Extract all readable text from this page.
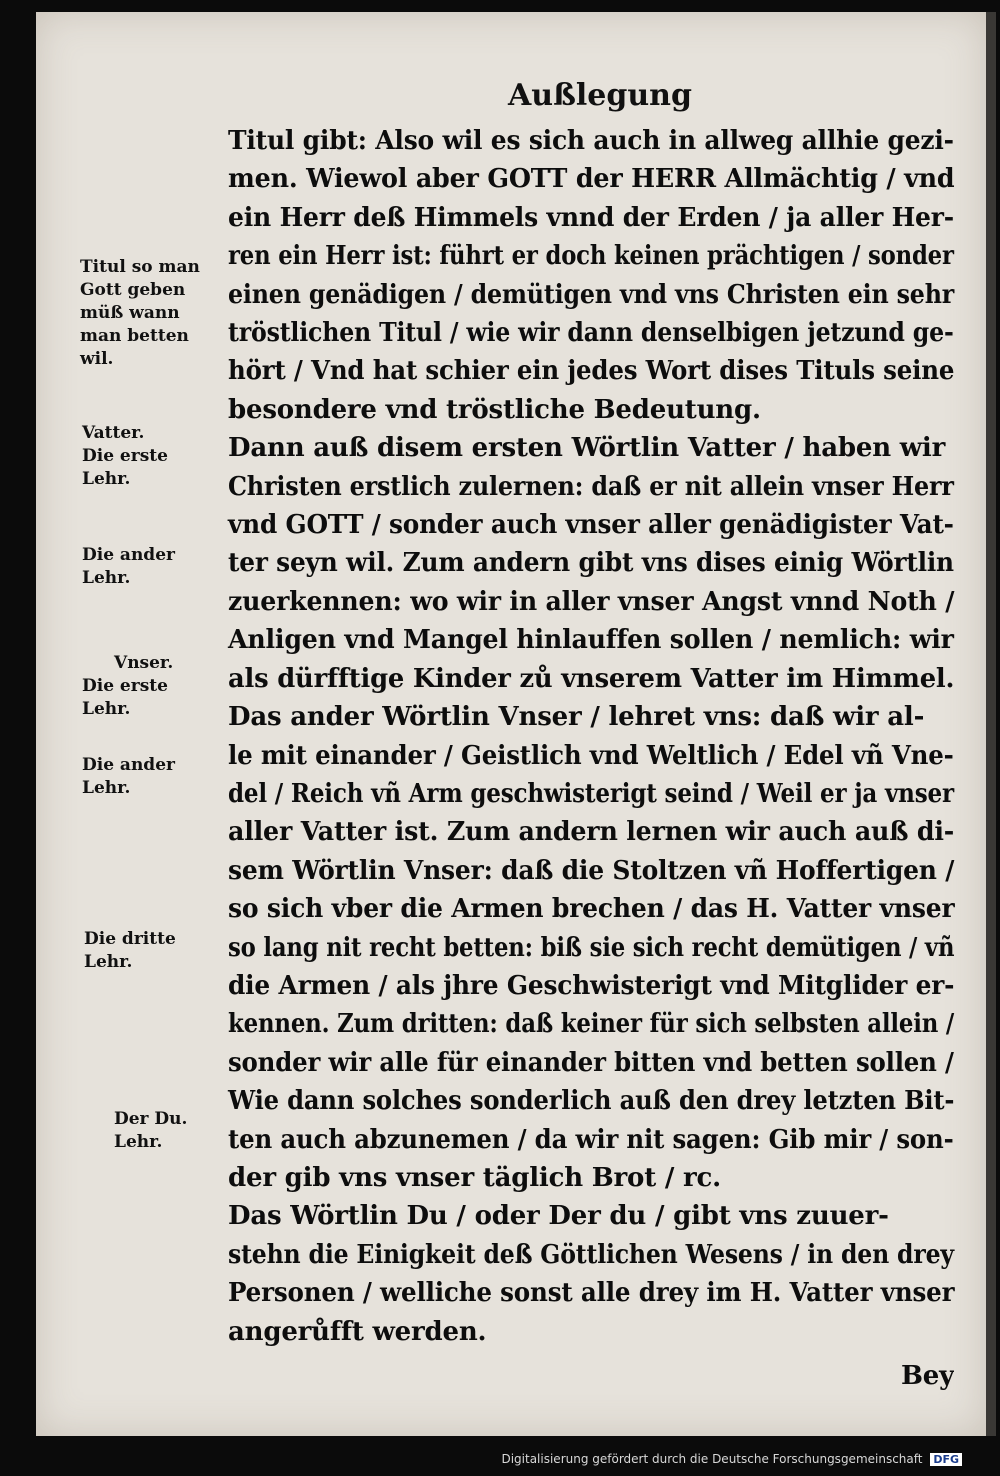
Außlegung
Titul gibt: Also wil es sich auch in allweg allhie gezi-
men. Wiewol aber GOTT der HERR Allmächtig / vnd
ein Herr deß Himmels vnnd der Erden / ja aller Her-
ren ein Herr ist: führt er doch keinen prächtigen / sonder
einen genädigen / demütigen vnd vns Christen ein sehr
tröstlichen Titul / wie wir dann denselbigen jetzund ge-
hört / Vnd hat schier ein jedes Wort dises Tituls seine
besondere vnd tröstliche Bedeutung.
Dann auß disem ersten Wörtlin Vatter / haben wir
Christen erstlich zulernen: daß er nit allein vnser Herr
vnd GOTT / sonder auch vnser aller genädigister Vat-
ter seyn wil. Zum andern gibt vns dises einig Wörtlin
zuerkennen: wo wir in aller vnser Angst vnnd Noth /
Anligen vnd Mangel hinlauffen sollen / nemlich: wir
als dürfftige Kinder zů vnserem Vatter im Himmel.
Das ander Wörtlin Vnser / lehret vns: daß wir al-
le mit einander / Geistlich vnd Weltlich / Edel vñ Vne-
del / Reich vñ Arm geschwisterigt seind / Weil er ja vnser
aller Vatter ist. Zum andern lernen wir auch auß di-
sem Wörtlin Vnser: daß die Stoltzen vñ Hoffertigen /
so sich vber die Armen brechen / das H. Vatter vnser
so lang nit recht betten: biß sie sich recht demütigen / vñ
die Armen / als jhre Geschwisterigt vnd Mitglider er-
kennen. Zum dritten: daß keiner für sich selbsten allein /
sonder wir alle für einander bitten vnd betten sollen /
Wie dann solches sonderlich auß den drey letzten Bit-
ten auch abzunemen / da wir nit sagen: Gib mir / son-
der gib vns vnser täglich Brot / rc.
Das Wörtlin Du / oder Der du / gibt vns zuuer-
stehn die Einigkeit deß Göttlichen Wesens / in den drey
Personen / welliche sonst alle drey im H. Vatter vnser
angerůfft werden.
Bey
Titul so man
Gott geben
müß wann
man betten
wil.
Vatter.
Die erste
Lehr.
Die ander
Lehr.
Vnser.
Die erste
Lehr.
Die ander
Lehr.
Die dritte
Lehr.
Der Du.
Lehr.
Digitalisierung gefördert durch die Deutsche Forschungsgemeinschaft DFG
